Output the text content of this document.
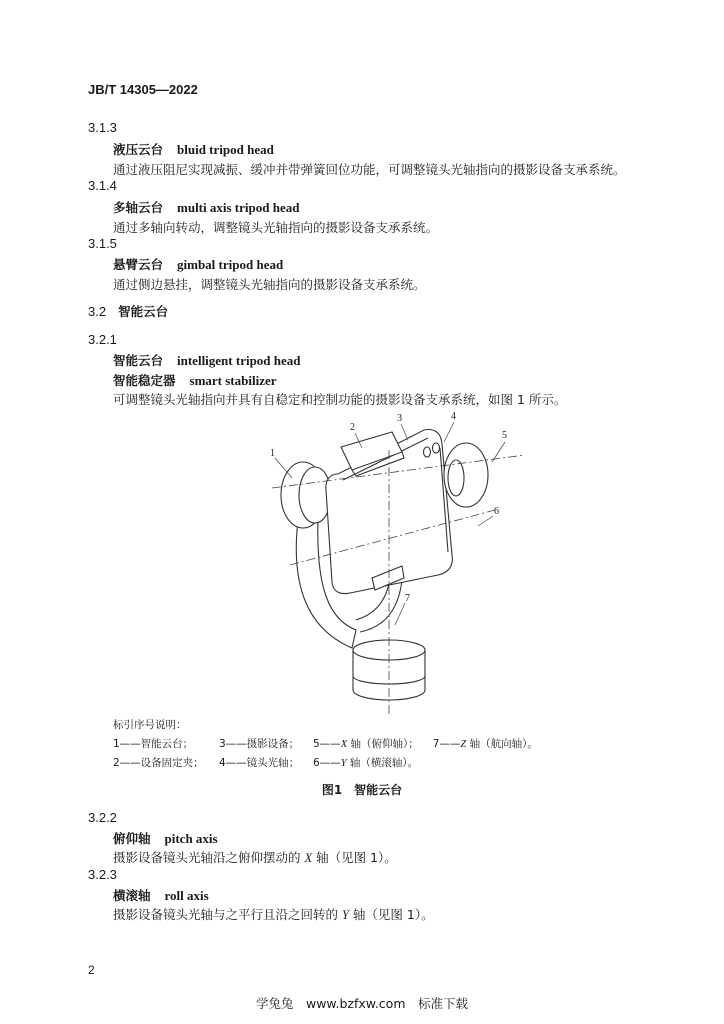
JB/T 14305—2022
3.1.3
液压云台 bluid tripod head
通过液压阻尼实现减振、缓冲并带弹簧回位功能，可调整镜头光轴指向的摄影设备支承系统。
3.1.4
多轴云台 multi axis tripod head
通过多轴向转动，调整镜头光轴指向的摄影设备支承系统。
3.1.5
悬臂云台 gimbal tripod head
通过侧边悬挂，调整镜头光轴指向的摄影设备支承系统。
3.2 智能云台
3.2.1
智能云台 intelligent tripod head
智能稳定器 smart stabilizer
可调整镜头光轴指向并具有自稳定和控制功能的摄影设备支承系统，如图 1 所示。
1
2
3	4
5
6
7
标引序号说明：
1——智能云台； 3——摄影设备； 5——X 轴（俯仰轴）； 7——Z 轴（航向轴）。
2——设备固定夹； 4——镜头光轴； 6——Y 轴（横滚轴）。
图1　智能云台
3.2.2
俯仰轴 pitch axis
摄影设备镜头光轴沿之俯仰摆动的 X 轴（见图 1）。
3.2.3
横滚轴 roll axis
摄影设备镜头光轴与之平行且沿之回转的 Y 轴（见图 1）。
2
学兔兔　www.bzfxw.com　标准下载
